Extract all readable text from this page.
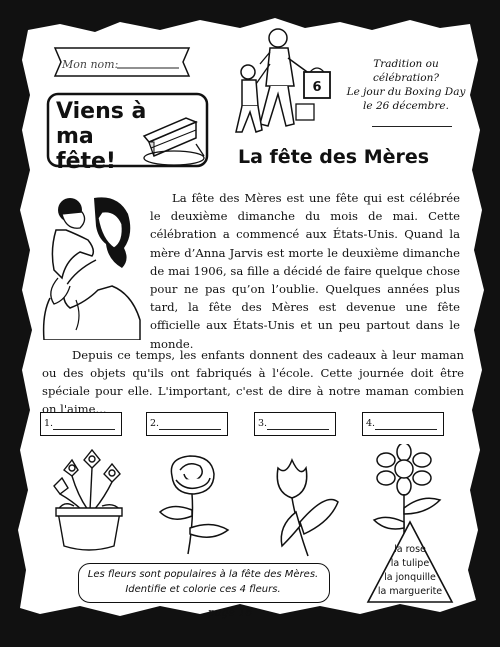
Mon nom:
Viens à
ma fête!
6
Tradition ou
célébration?
Le jour du Boxing Day
le 26 décembre.
La fête des Mères

La fête des Mères est une fête qui est célébrée le deuxième dimanche du mois de mai. Cette célébration a commencé aux États-Unis. Quand la mère d’Anna Jarvis est morte le deuxième dimanche de mai 1906, sa fille a décidé de faire quelque chose pour ne pas qu’on l’oublie. Quelques années plus tard, la fête des Mères est devenue une fête officielle aux États-Unis et un peu partout dans le monde.

Depuis ce temps, les enfants donnent des cadeaux à leur maman ou des objets qu'ils ont fabriqués à l'école. Cette journée doit être spéciale pour elle. L'important, c'est de dire à notre maman combien on l'aime...

1.	2.	3.	4.
la rose
la tulipe
la jonquille
la marguerite
Les fleurs sont populaires à la fête des Mères.
Identifie et colorie ces 4 fleurs.
page 16
